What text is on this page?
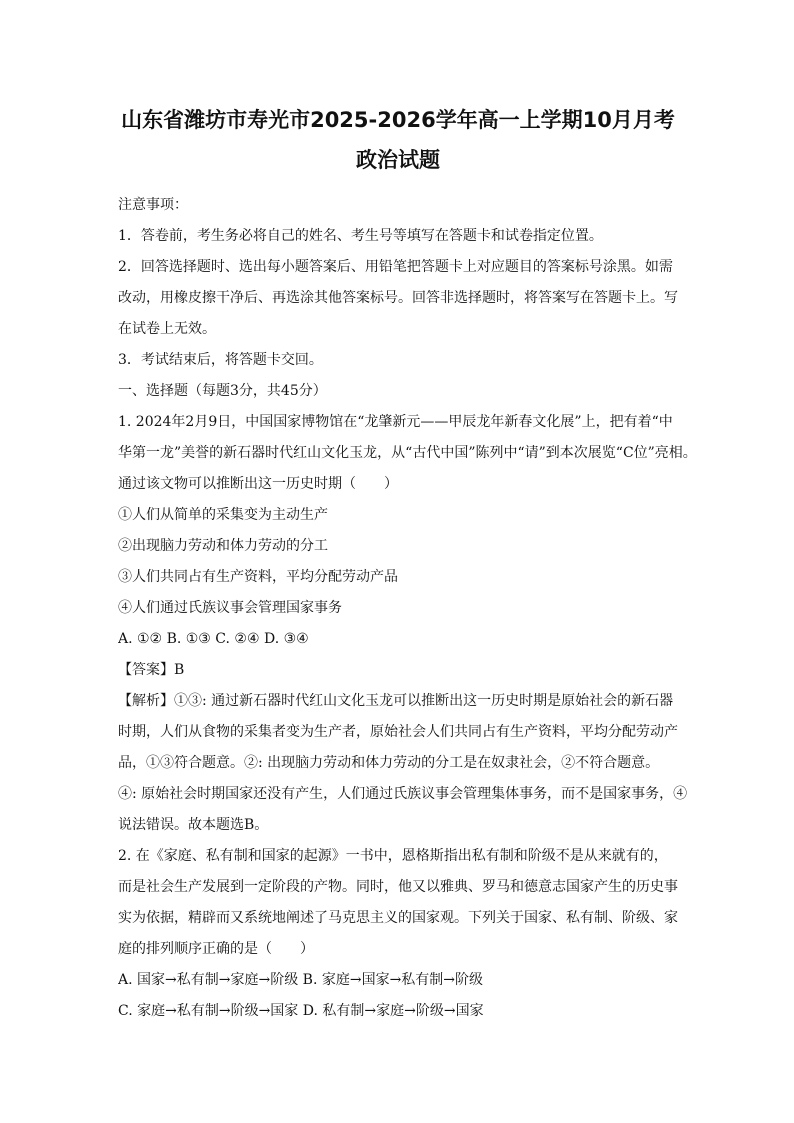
山东省潍坊市寿光市2025-2026学年高一上学期10月月考

政治试题

注意事项：

1．答卷前，考生务必将自己的姓名、考生号等填写在答题卡和试卷指定位置。

2．回答选择题时、选出每小题答案后、用铅笔把答题卡上对应题目的答案标号涂黑。如需

改动，用橡皮擦干净后、再选涂其他答案标号。回答非选择题时，将答案写在答题卡上。写

在试卷上无效。

3．考试结束后，将答题卡交回。

一、选择题（每题3分，共45分）

1. 2024年2月9日，中国国家博物馆在“龙肇新元——甲辰龙年新春文化展”上，把有着“中

华第一龙”美誉的新石器时代红山文化玉龙，从“古代中国”陈列中“请”到本次展览“C位”亮相。

通过该文物可以推断出这一历史时期（　　）

①人们从简单的采集变为主动生产

②出现脑力劳动和体力劳动的分工

③人们共同占有生产资料，平均分配劳动产品

④人们通过氏族议事会管理国家事务

A. ①② B. ①③ C. ②④ D. ③④

【答案】B

【解析】①③: 通过新石器时代红山文化玉龙可以推断出这一历史时期是原始社会的新石器

时期，人们从食物的采集者变为生产者，原始社会人们共同占有生产资料，平均分配劳动产

品，①③符合题意。②: 出现脑力劳动和体力劳动的分工是在奴隶社会，②不符合题意。

④: 原始社会时期国家还没有产生，人们通过氏族议事会管理集体事务，而不是国家事务，④

说法错误。故本题选B。

2. 在《家庭、私有制和国家的起源》一书中，恩格斯指出私有制和阶级不是从来就有的，

而是社会生产发展到一定阶段的产物。同时，他又以雅典、罗马和德意志国家产生的历史事

实为依据，精辟而又系统地阐述了马克思主义的国家观。下列关于国家、私有制、阶级、家

庭的排列顺序正确的是（　　）

A. 国家→私有制→家庭→阶级 B. 家庭→国家→私有制→阶级

C. 家庭→私有制→阶级→国家 D. 私有制→家庭→阶级→国家
